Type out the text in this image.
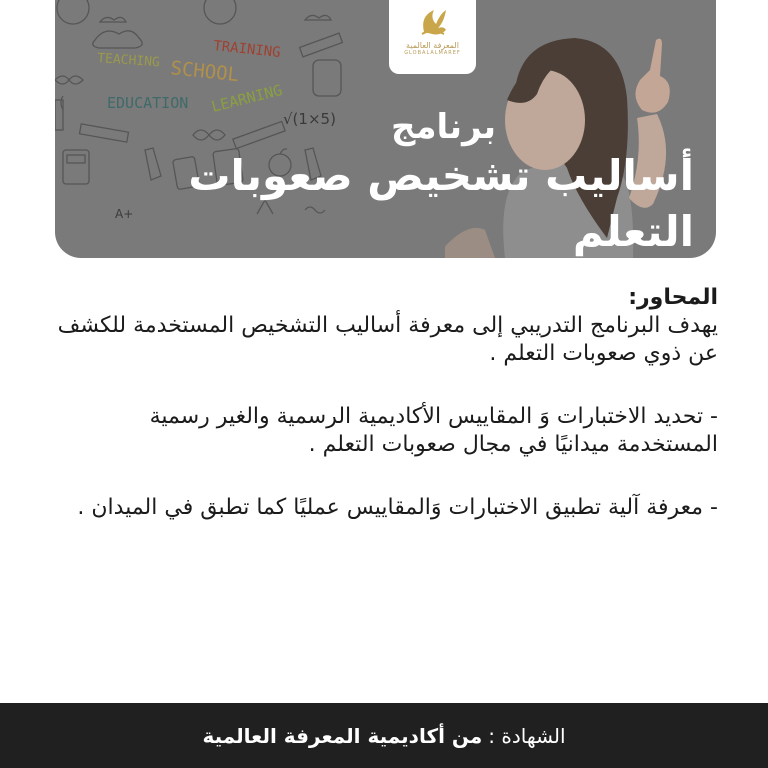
TEACHING SCHOOL
TRAINING
EDUCATION LEARNING
√(1×5)
A+
المعرفة العالمية
GLOBALALMAREF
برنامج
أساليب تشخيص صعوبات التعلم
المحاور:

يهدف البرنامج التدريبي إلى معرفة أساليب التشخيص المستخدمة للكشف عن ذوي صعوبات التعلم .

- تحديد الاختبارات وَ المقاييس الأكاديمية الرسمية والغير رسمية المستخدمة ميدانيًا في مجال صعوبات التعلم .

- معرفة آلية تطبيق الاختبارات وَالمقاييس عمليًا كما تطبق في الميدان .

الشهادة :
من أكاديمية المعرفة العالمية
